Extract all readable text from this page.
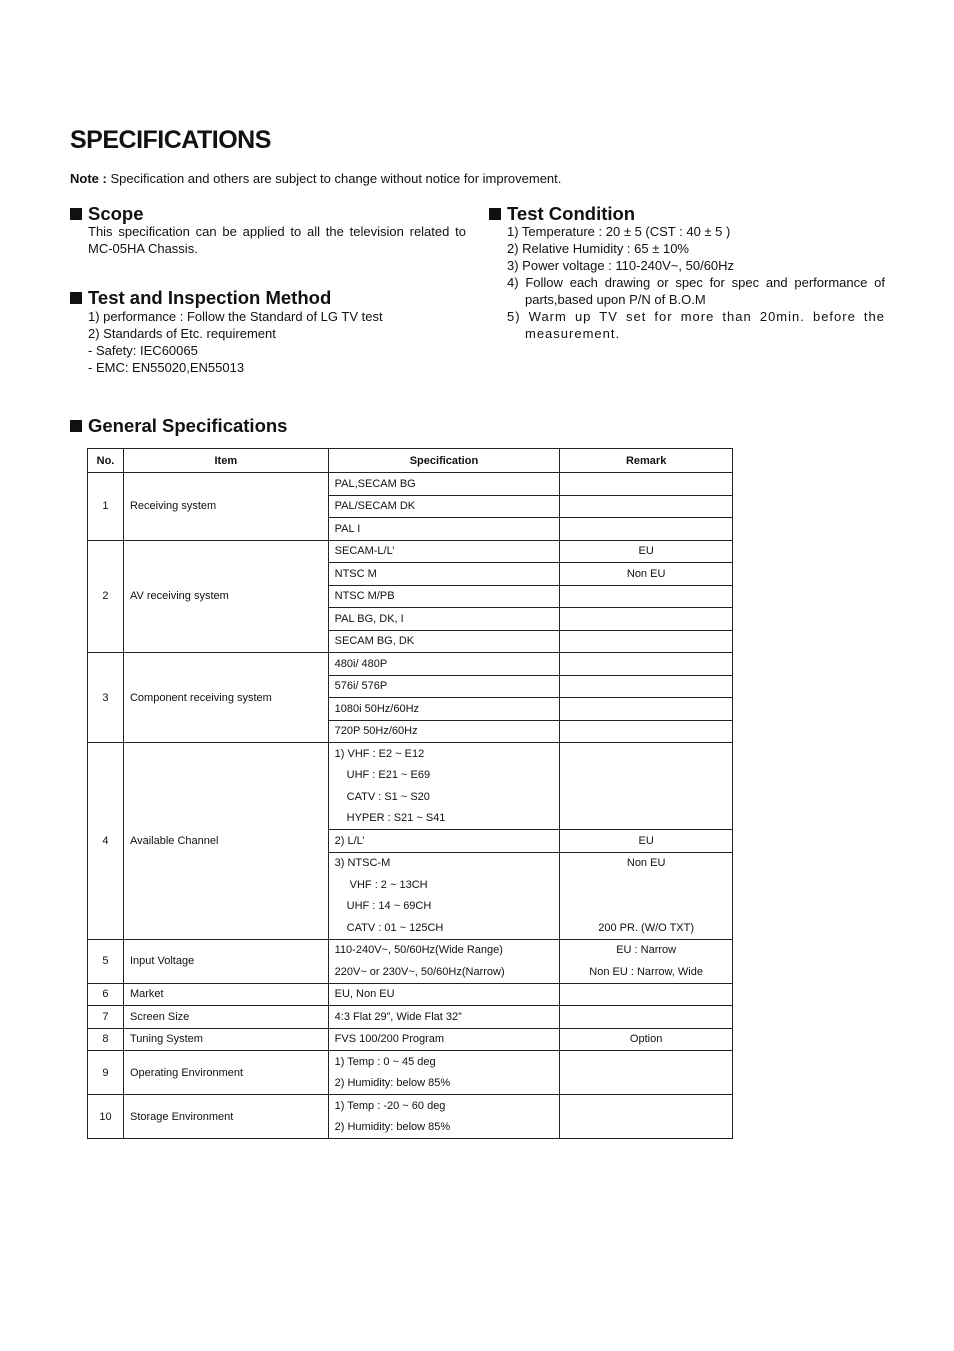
SPECIFICATIONS
Note : Specification and others are subject to change without notice for improvement.
Scope
This specification can be applied to all the television related to MC-05HA Chassis.
Test and Inspection Method

1) performance : Follow the Standard of LG TV test

2) Standards of Etc. requirement

- Safety: IEC60065

- EMC: EN55020,EN55013

Test Condition

1) Temperature : 20 ± 5 (CST : 40 ± 5 )

2) Relative Humidity : 65 ± 10%

3) Power voltage : 110-240V~, 50/60Hz

4) Follow each drawing or spec for spec and performance of parts,based upon P/N of B.O.M

5) Warm up TV set for more than 20min. before the measurement.

General Specifications
No.	Item	Specification	Remark
1	Receiving system	PAL,SECAM BG	
		PAL/SECAM DK	
		PAL I	
2	AV receiving system	SECAM-L/L’	EU
		NTSC M	Non EU
		NTSC M/PB	
		PAL BG, DK, I	
		SECAM BG, DK	
3	Component receiving system	480i/ 480P	
		576i/ 576P	
		1080i 50Hz/60Hz	
		720P 50Hz/60Hz	
4	Available Channel	1) VHF : E2 ~ E12	
		UHF : E21 ~ E69	
		CATV : S1 ~ S20	
		HYPER : S21 ~ S41	
		2) L/L’	EU
		3) NTSC-M	Non EU
		VHF : 2 ~ 13CH	
		UHF : 14 ~ 69CH	
		CATV : 01 ~ 125CH	200 PR. (W/O TXT)
5	Input Voltage	110-240V~, 50/60Hz(Wide Range)	EU : Narrow
		220V~ or 230V~, 50/60Hz(Narrow)	Non EU : Narrow, Wide
6	Market	EU, Non EU	
7	Screen Size	4:3 Flat 29”, Wide Flat 32”	
8	Tuning System	FVS 100/200 Program	Option
9	Operating Environment	1) Temp : 0 ~ 45 deg	
		2) Humidity: below 85%	
10	Storage Environment	1) Temp : -20 ~ 60 deg	
		2) Humidity: below 85%	
